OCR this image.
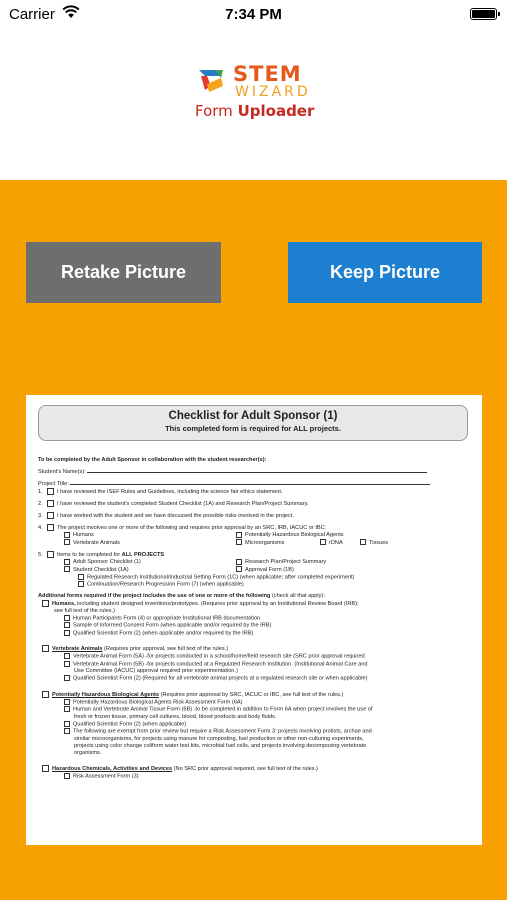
Carrier	7:34 PM
STEM
WIZARD
Form Uploader
Retake Picture	Keep Picture
Checklist for Adult Sponsor (1)
This completed form is required for ALL projects.
To be completed by the Adult Sponsor in collaboration with the student researcher(s):
Student's Name(s):
Project Title:
1.	I have reviewed the ISEF Rules and Guidelines, including the science fair ethics statement.
2.	I have reviewed the student's completed Student Checklist (1A) and Research Plan/Project Summary.
3.	I have worked with the student and we have discussed the possible risks involved in the project.
4.	The project involves one or more of the following and requires prior approval by an SRC, IRB, IACUC or IBC:
Humans	Potentially Hazardous Biological Agents
Vertebrate Animals	Microorganisms	rDNA	Tissues
5.	Items to be completed for ALL PROJECTS
Adult Sponsor Checklist (1)	Research Plan/Project Summary
Student Checklist (1A)	Approval Form (1B)
Regulated Research Institutional/Industrial Setting Form (1C) (when applicable; after completed experiment)
Continuation/Research Progression Form (7) (when applicable)
Additional forms required if the project includes the use of one or more of the following (check all that apply):
Humans, including student designed inventions/prototypes. (Requires prior approval by an Institutional Review Board (IRB);
see full text of the rules.)
Human Participants Form (4) or appropriate Institutional IRB documentation
Sample of Informed Consent Form (when applicable and/or required by the IRB)
Qualified Scientist Form (2) (when applicable and/or required by the IRB)
Vertebrate Animals (Requires prior approval, see full text of the rules.)
Vertebrate Animal Form (5A) -for projects conducted in a school/home/field research site (SRC prior approval required
Vertebrate Animal Form (5B) -for projects conducted at a Regulated Research Institution. (Institutional Animal Care and
Use Committee (IACUC) approval required prior experimentation.)
Qualified Scientist Form (2) (Required for all vertebrate animal projects at a regulated research site or when applicable)
Potentially Hazardous Biological Agents (Requires prior approval by SRC, IACUC or IBC, see full text of the rules.)
Potentially Hazardous Biological Agents Risk Assessment Form (6A)
Human and Vertebrate Animal Tissue Form (6B) -to be completed in addition to Form 6A when project involves the use of
fresh or frozen tissue, primary cell cultures, blood, blood products and body fluids.
Qualified Scientist Form (2) (when applicable)
The following are exempt from prior review but require a Risk Assessment Form 3: projects involving protists, archae and
similar microorganisms, for projects using manure for composting, fuel production or other non-culturing experiments,
projects using color change coliform water test kits, microbial fuel cells, and projects involving decomposing vertebrate
organisms.
Hazardous Chemicals, Activities and Devices (No SRC prior approval required, see full text of the rules.)
Risk Assessment Form (3)
